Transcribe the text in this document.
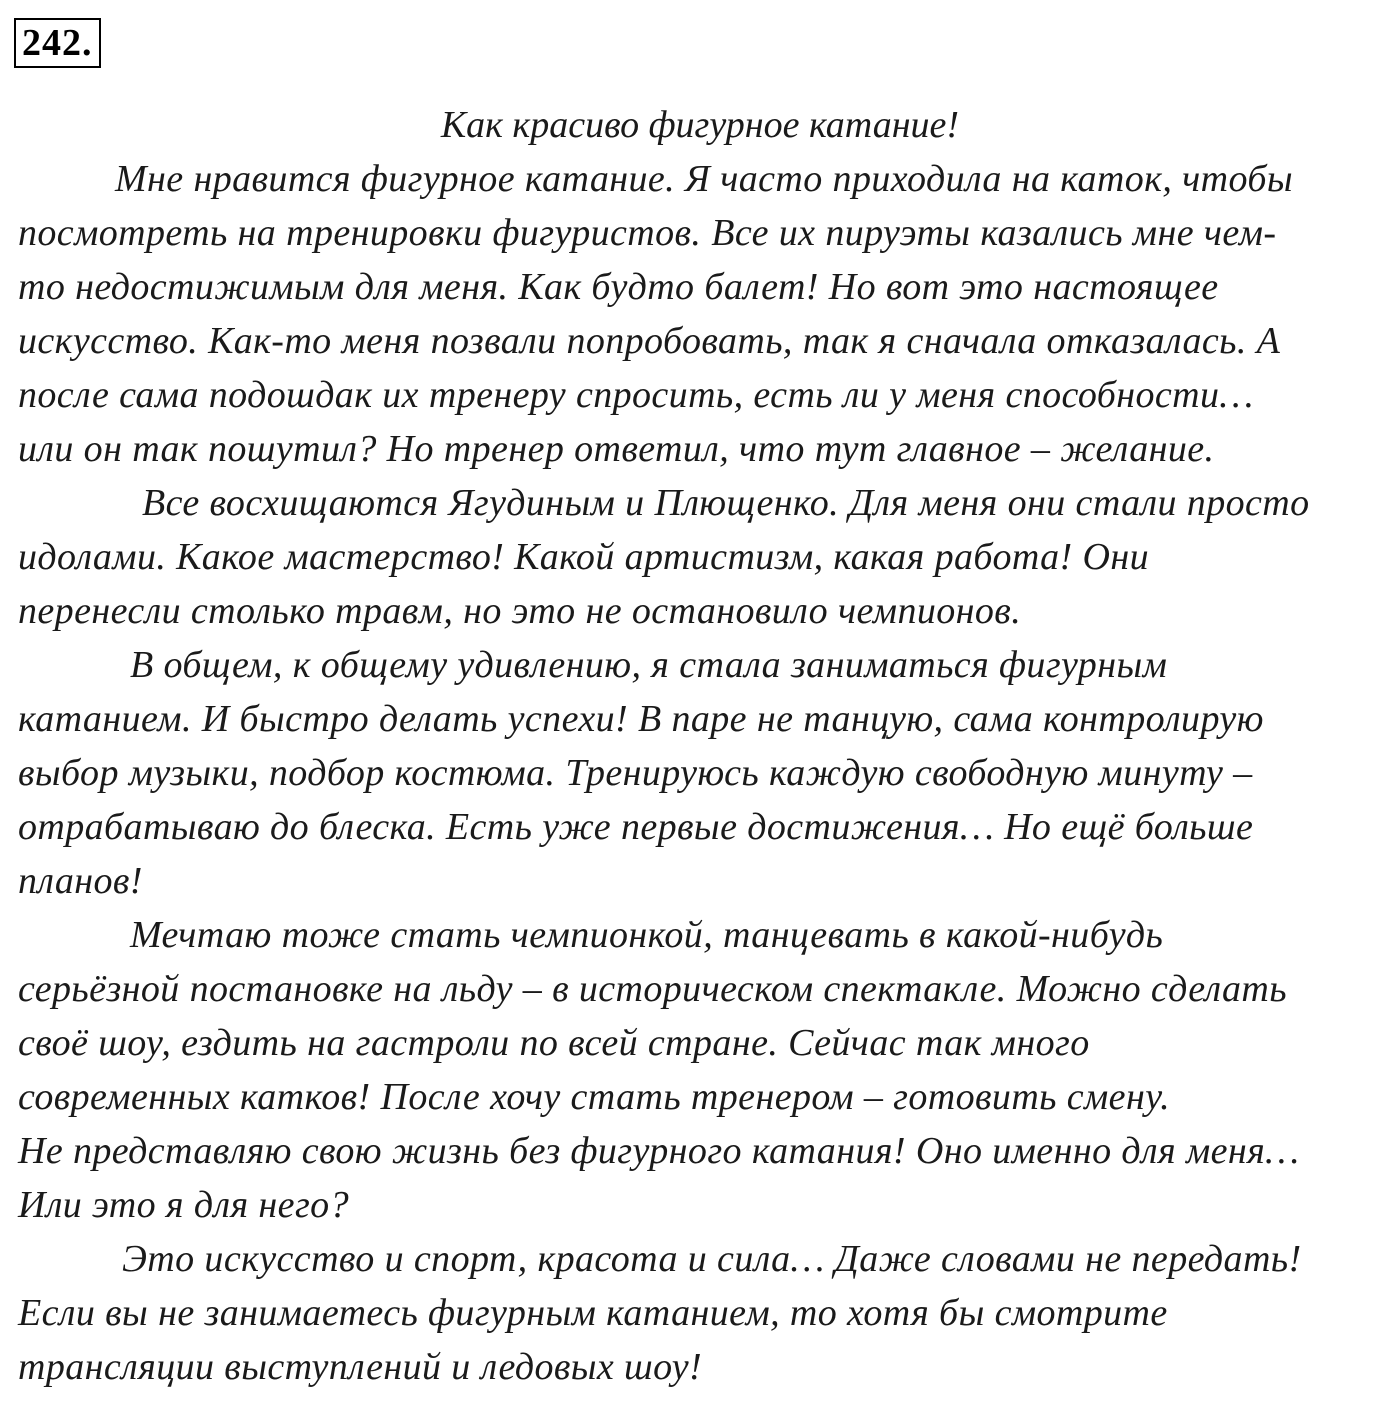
242.
Как красиво фигурное катание!
Мне нравится фигурное катание. Я часто приходила на каток, чтобы
посмотреть на тренировки фигуристов. Все их пируэты казались мне чем-
то недостижимым для меня. Как будто балет! Но вот это настоящее
искусство. Как-то меня позвали попробовать, так я сначала отказалась. А
после сама подошдак их тренеру спросить, есть ли у меня способности…
или он так пошутил? Но тренер ответил, что тут главное – желание.
Все восхищаются Ягудиным и Плющенко. Для меня они стали просто
идолами. Какое мастерство! Какой артистизм, какая работа! Они
перенесли столько травм, но это не остановило чемпионов.
В общем, к общему удивлению, я стала заниматься фигурным
катанием. И быстро делать успехи! В паре не танцую, сама контролирую
выбор музыки, подбор костюма. Тренируюсь каждую свободную минуту –
отрабатываю до блеска. Есть уже первые достижения… Но ещё больше
планов!
Мечтаю тоже стать чемпионкой, танцевать в какой-нибудь
серьёзной постановке на льду – в историческом спектакле. Можно сделать
своё шоу, ездить на гастроли по всей стране. Сейчас так много
современных катков! После хочу стать тренером – готовить смену.
Не представляю свою жизнь без фигурного катания! Оно именно для меня…
Или это я для него?
Это искусство и спорт, красота и сила… Даже словами не передать!
Если вы не занимаетесь фигурным катанием, то хотя бы смотрите
трансляции выступлений и ледовых шоу!
